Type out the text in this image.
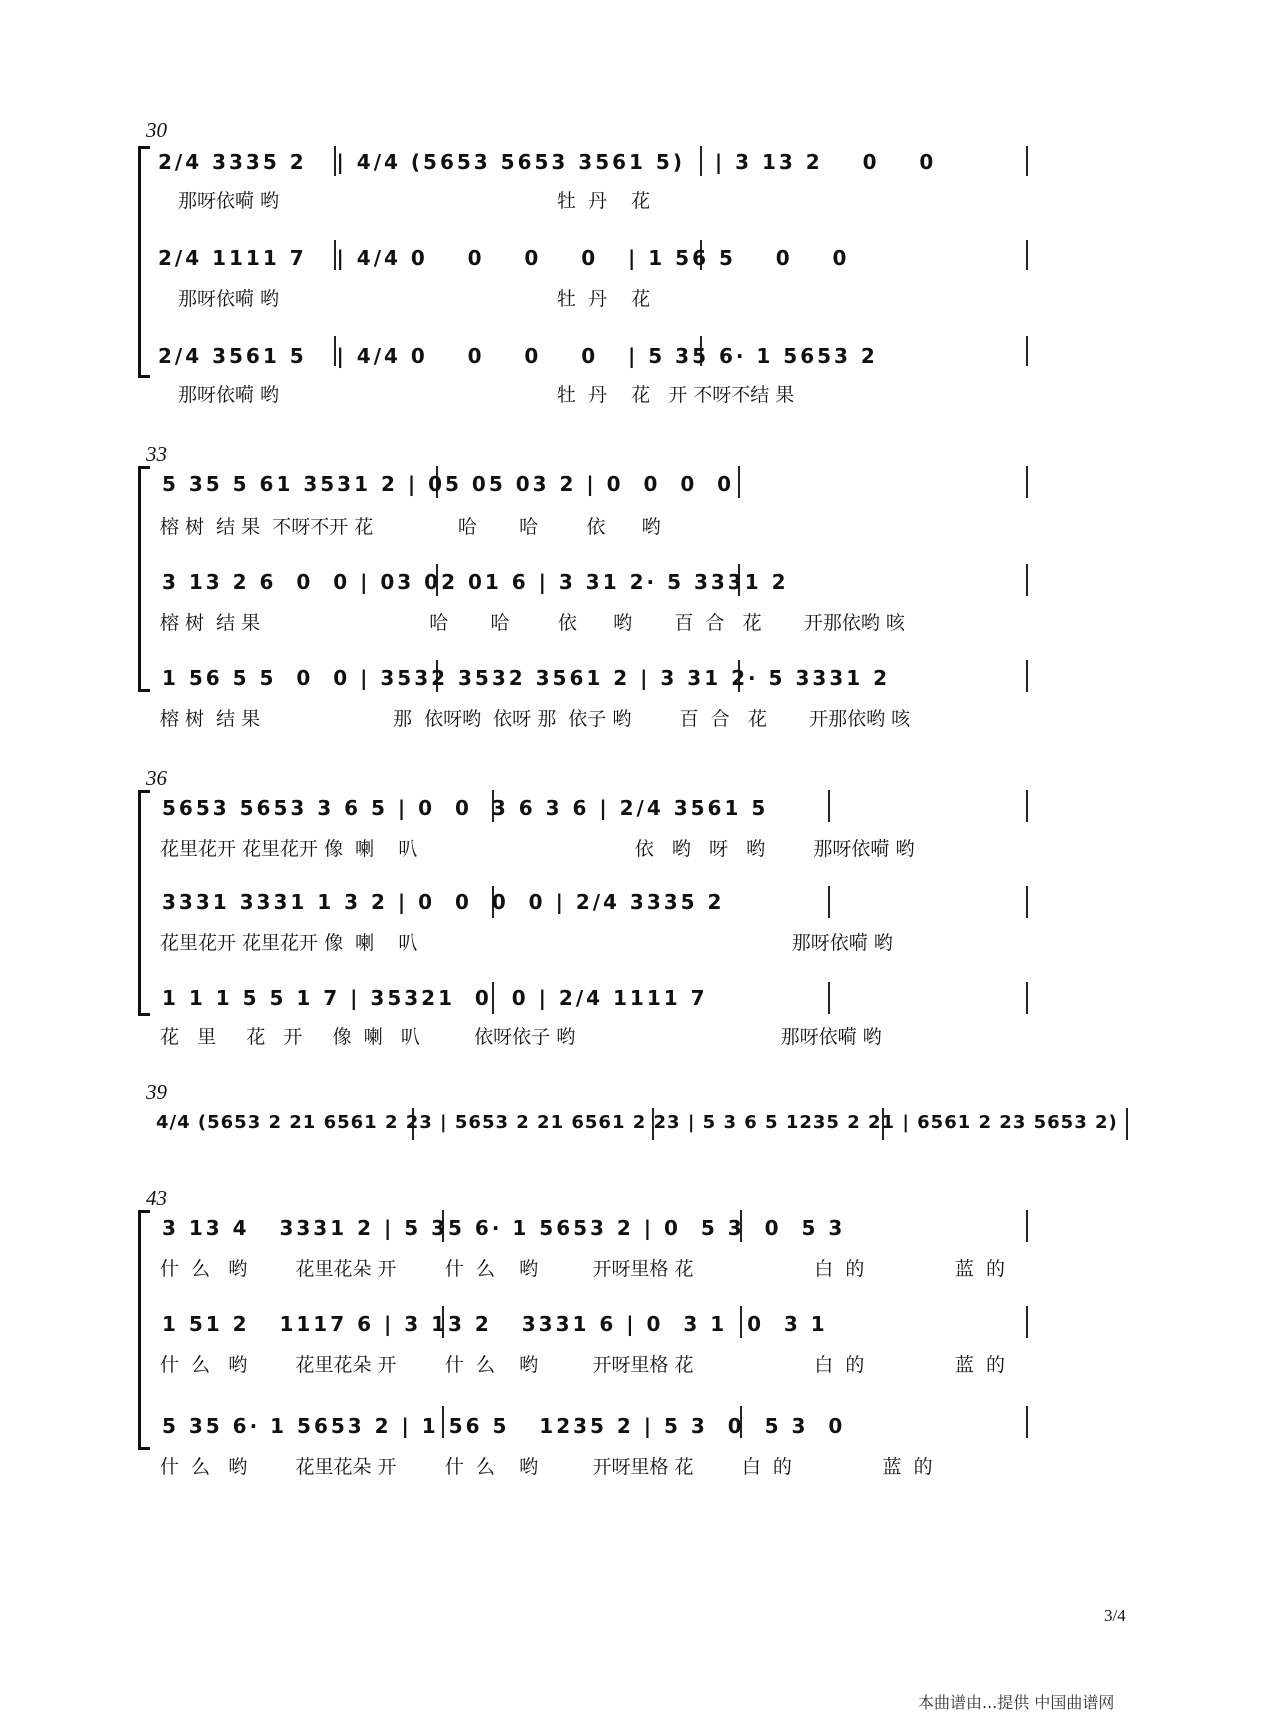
30
2/4 3335 2   | 4/4 (5653 5653 3561 5)   | 3 13 2    0    0
那呀依嗬 哟                                              牡  丹    花
2/4 1111 7   | 4/4 0    0    0    0   | 1 56 5    0    0
那呀依嗬 哟                                              牡  丹    花
2/4 3561 5   | 4/4 0    0    0    0   | 5 35 6· 1 5653 2
那呀依嗬 哟                                              牡  丹    花   开 不呀不结 果
33
5 35 5 61 3531 2 | 05 05 03 2 | 0  0  0  0
榕 树  结 果  不呀不开 花              哈       哈        依      哟
3 13 2 6  0  0 | 03 02 01 6 | 3 31 2· 5 3331 2
榕 树  结 果                            哈       哈        依      哟       百  合   花       开那依哟 咳
1 56 5 5  0  0 | 3532 3532 3561 2 | 3 31 2· 5 3331 2
榕 树  结 果                      那  依呀哟  依呀 那  依子 哟        百  合   花       开那依哟 咳
36
5653 5653 3 6 5 | 0  0  3 6 3 6 | 2/4 3561 5
花里花开 花里花开 像  喇    叭                                    依   哟   呀   哟        那呀依嗬 哟
3331 3331 1 3 2 | 0  0  0  0 | 2/4 3335 2
花里花开 花里花开 像  喇    叭                                                              那呀依嗬 哟
1 1 1 5 5 1 7 | 35321  0  0 | 2/4 1111 7
花   里     花   开     像  喇   叭         依呀依子 哟                                  那呀依嗬 哟
39
4/4 (5653 2 21 6561 2 23 | 5653 2 21 6561 2 23 | 5 3 6 5 1235 2 21 | 6561 2 23 5653 2)
43
3 13 4   3331 2 | 5 35 6· 1 5653 2 | 0  5 3  0  5 3
什  么   哟        花里花朵 开        什  么    哟         开呀里格 花                    白  的               蓝  的
1 51 2   1117 6 | 3 13 2   3331 6 | 0  3 1  0  3 1
什  么   哟        花里花朵 开        什  么    哟         开呀里格 花                    白  的               蓝  的
5 35 6· 1 5653 2 | 1 56 5   1235 2 | 5 3  0  5 3  0
什  么   哟        花里花朵 开        什  么    哟         开呀里格 花        白  的               蓝  的
3/4
本曲谱由...提供 中国曲谱网
